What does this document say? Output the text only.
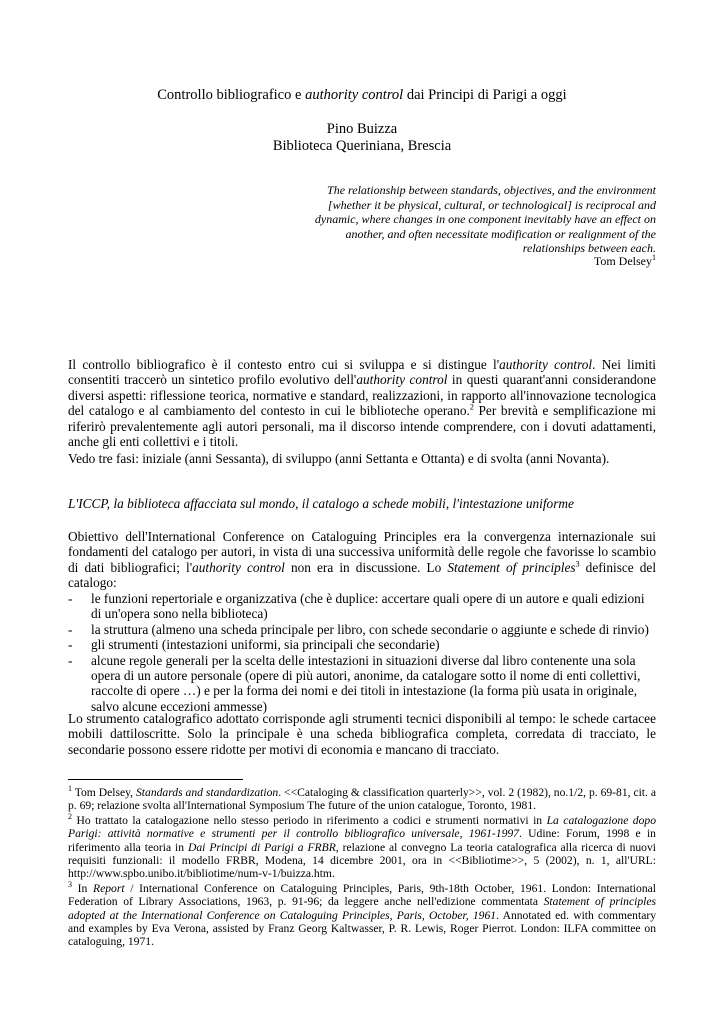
Controllo bibliografico e authority control dai Principi di Parigi a oggi
Pino Buizza
Biblioteca Queriniana, Brescia
The relationship between standards, objectives, and the environment
[whether it be physical, cultural, or technological] is reciprocal and
dynamic, where changes in one component inevitably have an effect on
another, and often necessitate modification or realignment of the
relationships between each.
Tom Delsey$^1$
Il controllo bibliografico è il contesto entro cui si sviluppa e si distingue l'authority control. Nei limiti consentiti traccerò un sintetico profilo evolutivo dell'authority control in questi quarant'anni considerandone diversi aspetti: riflessione teorica, normative e standard, realizzazioni, in rapporto all'innovazione tecnologica del catalogo e al cambiamento del contesto in cui le biblioteche operano.$^2$ Per brevità e semplificazione mi riferirò prevalentemente agli autori personali, ma il discorso intende comprendere, con i dovuti adattamenti, anche gli enti collettivi e i titoli.
Vedo tre fasi: iniziale (anni Sessanta), di sviluppo (anni Settanta e Ottanta) e di svolta (anni Novanta).
L'ICCP, la biblioteca affacciata sul mondo, il catalogo a schede mobili, l'intestazione uniforme
Obiettivo dell'International Conference on Cataloguing Principles era la convergenza internazionale sui fondamenti del catalogo per autori, in vista di una successiva uniformità delle regole che favorisse lo scambio di dati bibliografici; l'authority control non era in discussione. Lo Statement of principles$^3$ definisce del catalogo:
- le funzioni repertoriale e organizzativa (che è duplice: accertare quali opere di un autore e quali edizioni di un'opera sono nella biblioteca)
- la struttura (almeno una scheda principale per libro, con schede secondarie o aggiunte e schede di rinvio)
- gli strumenti (intestazioni uniformi, sia principali che secondarie)
- alcune regole generali per la scelta delle intestazioni in situazioni diverse dal libro contenente una sola opera di un autore personale (opere di più autori, anonime, da catalogare sotto il nome di enti collettivi, raccolte di opere …) e per la forma dei nomi e dei titoli in intestazione (la forma più usata in originale, salvo alcune eccezioni ammesse)
Lo strumento catalografico adottato corrisponde agli strumenti tecnici disponibili al tempo: le schede cartacee mobili dattiloscritte. Solo la principale è una scheda bibliografica completa, corredata di tracciato, le secondarie possono essere ridotte per motivi di economia e mancano di tracciato.
$^1$ Tom Delsey, Standards and standardization. <<Cataloging & classification quarterly>>, vol. 2 (1982), no.1/2, p. 69-81, cit. a p. 69; relazione svolta all'International Symposium The future of the union catalogue, Toronto, 1981.
$^2$ Ho trattato la catalogazione nello stesso periodo in riferimento a codici e strumenti normativi in La catalogazione dopo Parigi: attività normative e strumenti per il controllo bibliografico universale, 1961-1997. Udine: Forum, 1998 e in riferimento alla teoria in Dai Principi di Parigi a FRBR, relazione al convegno La teoria catalografica alla ricerca di nuovi requisiti funzionali: il modello FRBR, Modena, 14 dicembre 2001, ora in <<Bibliotime>>, 5 (2002), n. 1, all'URL: http://www.spbo.unibo.it/bibliotime/num-v-1/buizza.htm.
$^3$ In Report / International Conference on Cataloguing Principles, Paris, 9th-18th October, 1961. London: International Federation of Library Associations, 1963, p. 91-96; da leggere anche nell'edizione commentata Statement of principles adopted at the International Conference on Cataloguing Principles, Paris, October, 1961. Annotated ed. with commentary and examples by Eva Verona, assisted by Franz Georg Kaltwasser, P. R. Lewis, Roger Pierrot. London: ILFA committee on cataloguing, 1971.
